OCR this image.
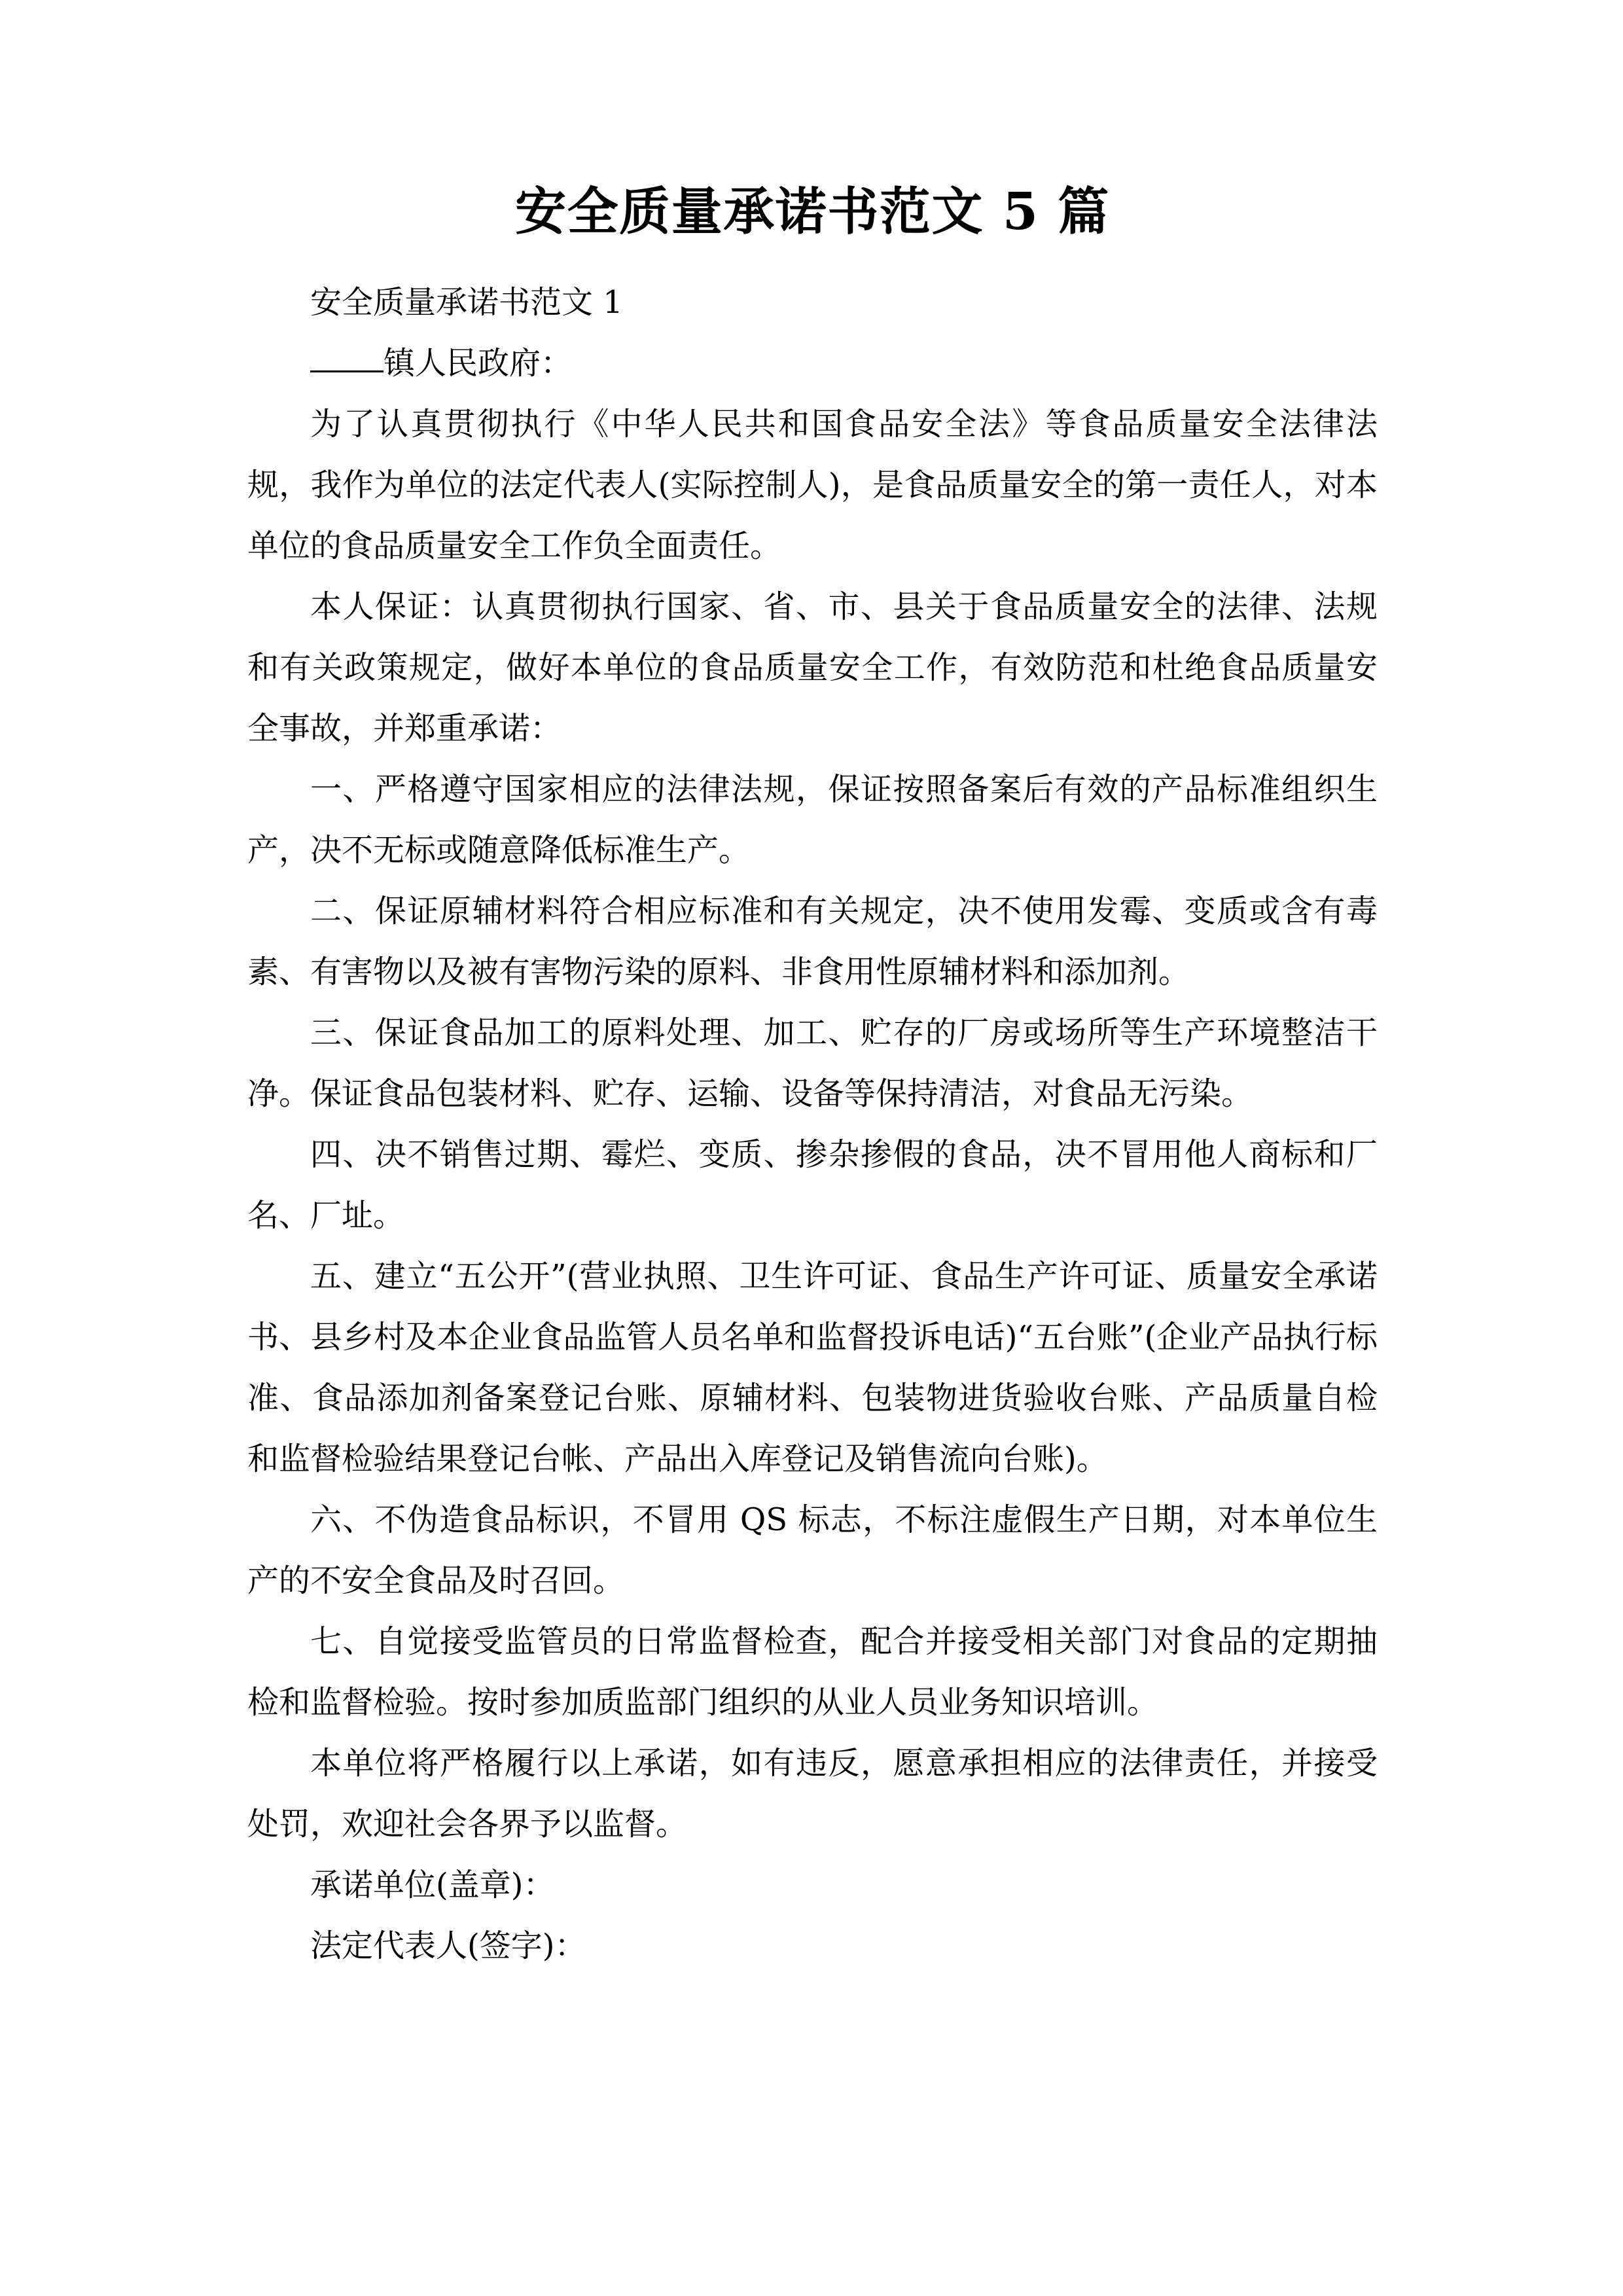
安全质量承诺书范文 5 篇

安全质量承诺书范文 1

镇人民政府：

为了认真贯彻执行《中华人民共和国食品安全法》等食品质量安全法律法规，我作为单位的法定代表人(实际控制人)，是食品质量安全的第一责任人，对本单位的食品质量安全工作负全面责任。

本人保证：认真贯彻执行国家、省、市、县关于食品质量安全的法律、法规和有关政策规定，做好本单位的食品质量安全工作，有效防范和杜绝食品质量安全事故，并郑重承诺：

一、严格遵守国家相应的法律法规，保证按照备案后有效的产品标准组织生产，决不无标或随意降低标准生产。

二、保证原辅材料符合相应标准和有关规定，决不使用发霉、变质或含有毒素、有害物以及被有害物污染的原料、非食用性原辅材料和添加剂。

三、保证食品加工的原料处理、加工、贮存的厂房或场所等生产环境整洁干净。保证食品包装材料、贮存、运输、设备等保持清洁，对食品无污染。

四、决不销售过期、霉烂、变质、掺杂掺假的食品，决不冒用他人商标和厂名、厂址。

五、建立“五公开”(营业执照、卫生许可证、食品生产许可证、质量安全承诺书、县乡村及本企业食品监管人员名单和监督投诉电话)“五台账”(企业产品执行标准、食品添加剂备案登记台账、原辅材料、包装物进货验收台账、产品质量自检和监督检验结果登记台帐、产品出入库登记及销售流向台账)。

六、不伪造食品标识，不冒用 QS 标志，不标注虚假生产日期，对本单位生产的不安全食品及时召回。

七、自觉接受监管员的日常监督检查，配合并接受相关部门对食品的定期抽检和监督检验。按时参加质监部门组织的从业人员业务知识培训。

本单位将严格履行以上承诺，如有违反，愿意承担相应的法律责任，并接受处罚，欢迎社会各界予以监督。

承诺单位(盖章)：

法定代表人(签字)：
